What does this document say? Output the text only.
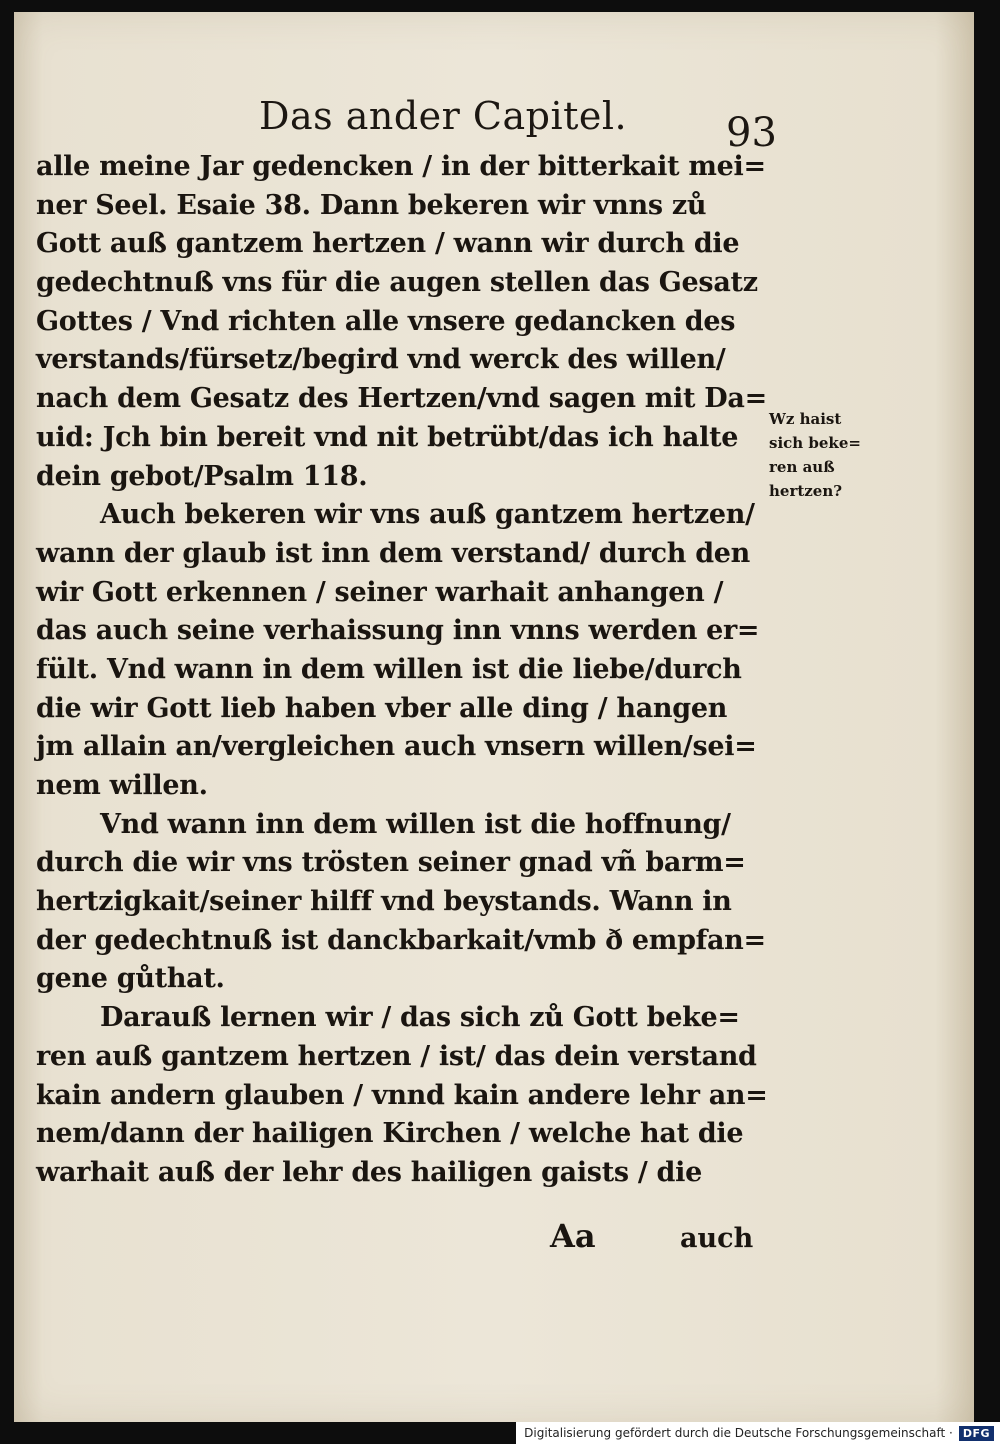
Das ander Capitel. 93
alle meine Jar gedencken / in der bitterkait mei=
ner Seel. Esaie 38. Dann bekeren wir vnns zů
Gott auß gantzem hertzen / wann wir durch die
gedechtnuß vns für die augen stellen das Gesatz
Gottes / Vnd richten alle vnsere gedancken des
verstands/fürsetz/begird vnd werck des willen/
nach dem Gesatz des Hertzen/vnd sagen mit Da=
uid: Jch bin bereit vnd nit betrübt/das ich halte
dein gebot/Psalm 118.
Auch bekeren wir vns auß gantzem hertzen/
wann der glaub ist inn dem verstand/ durch den
wir Gott erkennen / seiner warhait anhangen /
das auch seine verhaissung inn vnns werden er=
fült. Vnd wann in dem willen ist die liebe/durch
die wir Gott lieb haben vber alle ding / hangen
jm allain an/vergleichen auch vnsern willen/sei=
nem willen.
Vnd wann inn dem willen ist die hoffnung/
durch die wir vns trösten seiner gnad vñ barm=
hertzigkait/seiner hilff vnd beystands. Wann in
der gedechtnuß ist danckbarkait/vmb ð empfan=
gene gůthat.
Darauß lernen wir / das sich zů Gott beke=
ren auß gantzem hertzen / ist/ das dein verstand
kain andern glauben / vnnd kain andere lehr an=
nem/dann der hailigen Kirchen / welche hat die
warhait auß der lehr des hailigen gaists / die
Wz haist
sich beke=
ren auß
hertzen?
Aa	auch
Digitalisierung gefördert durch die Deutsche Forschungsgemeinschaft · DFG
